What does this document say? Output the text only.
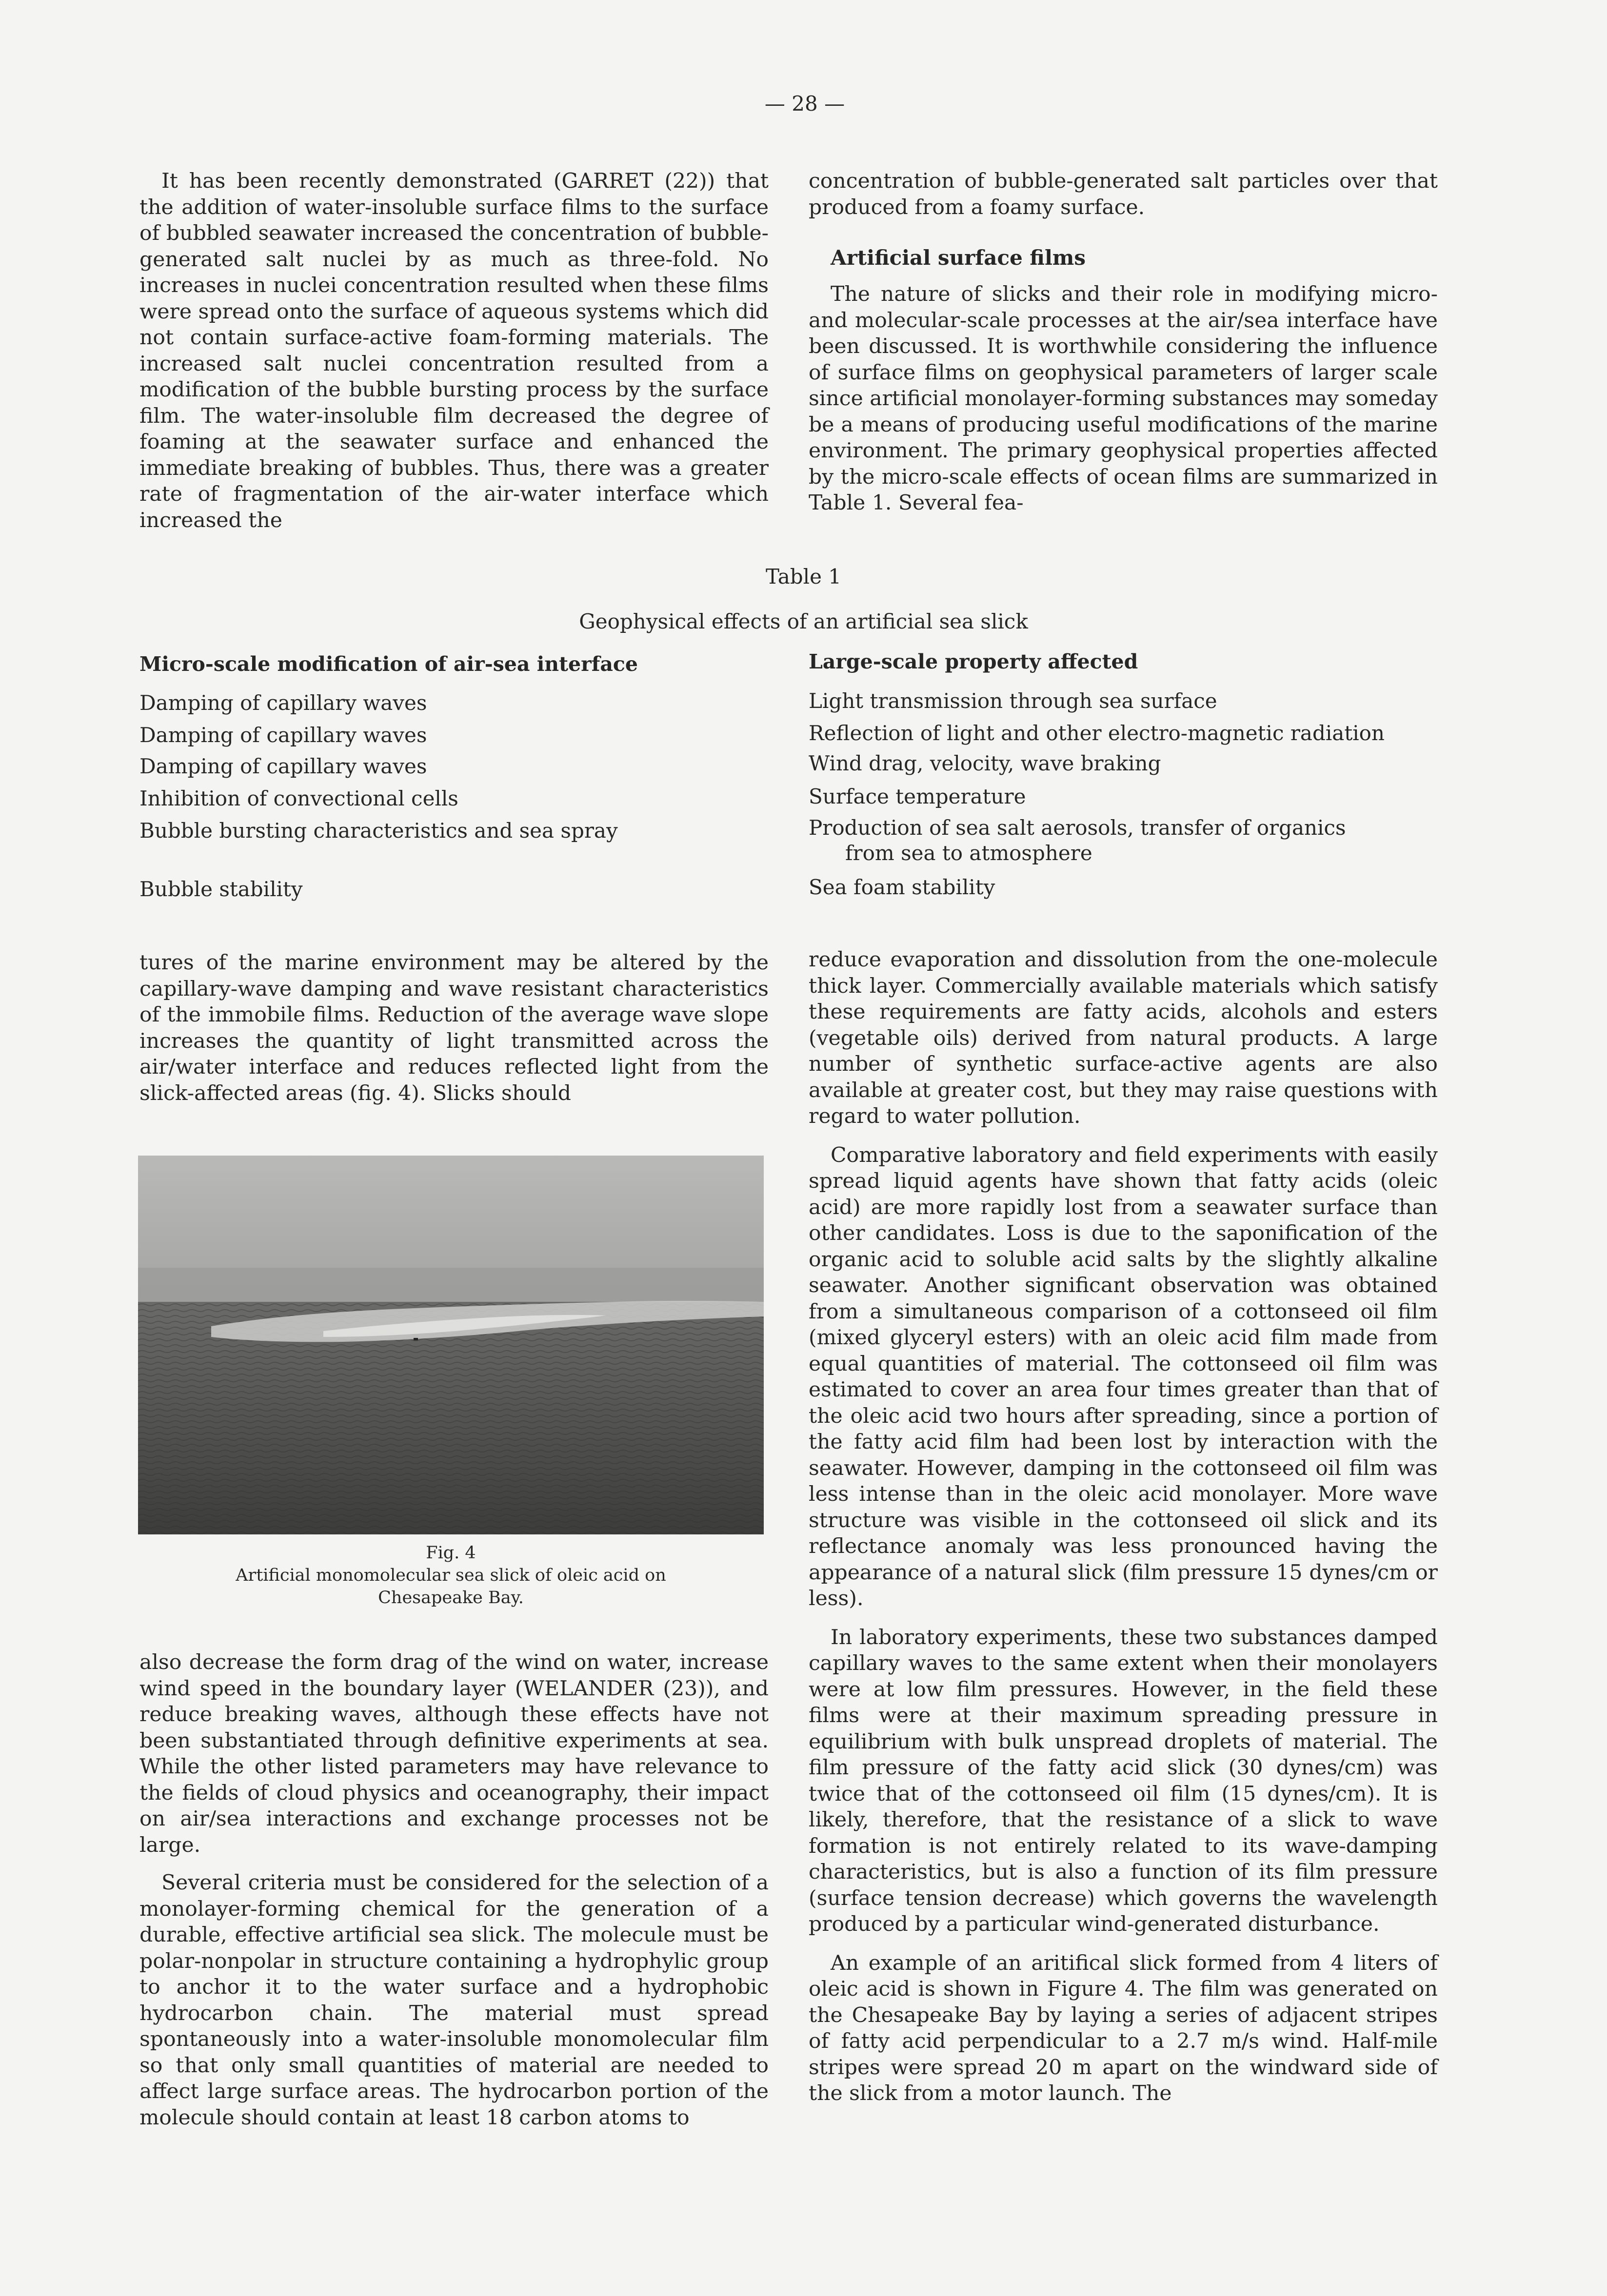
— 28 —

It has been recently demonstrated (GARRET (22)) that the addition of water-insoluble surface films to the surface of bubbled seawater increased the concentration of bubble-generated salt nuclei by as much as three-fold. No increases in nuclei concentration resulted when these films were spread onto the surface of aqueous systems which did not contain surface-active foam-forming materials. The increased salt nuclei concentration resulted from a modification of the bubble bursting process by the surface film. The water-insoluble film decreased the degree of foaming at the seawater surface and enhanced the immediate breaking of bubbles. Thus, there was a greater rate of fragmentation of the air-water interface which increased the

concentration of bubble-generated salt particles over that produced from a foamy surface.

Artificial surface films

The nature of slicks and their role in modifying micro- and molecular-scale processes at the air/sea interface have been discussed. It is worthwhile considering the influence of surface films on geophysical parameters of larger scale since artificial monolayer-forming substances may someday be a means of producing useful modifications of the marine environment. The primary geophysical properties affected by the micro-scale effects of ocean films are summarized in Table 1. Several fea-

Table 1
Geophysical effects of an artificial sea slick
Micro-scale modification of air-sea interface	Large-scale property affected
Damping of capillary waves
Damping of capillary waves
Damping of capillary waves
Inhibition of convectional cells
Bubble bursting characteristics and sea spray
Bubble stability
Light transmission through sea surface
Reflection of light and other electro-magnetic radiation
Wind drag, velocity, wave braking
Surface temperature
Production of sea salt aerosols, transfer of organics
from sea to atmosphere
Sea foam stability

tures of the marine environment may be altered by the capillary-wave damping and wave resistant characteristics of the immobile films. Reduction of the average wave slope increases the quantity of light transmitted across the air/water interface and reduces reflected light from the slick-affected areas (fig. 4). Slicks should

Fig. 4
Artificial monomolecular sea slick of oleic acid on
Chesapeake Bay.

also decrease the form drag of the wind on water, increase wind speed in the boundary layer (WELANDER (23)), and reduce breaking waves, although these effects have not been substantiated through definitive experiments at sea. While the other listed parameters may have relevance to the fields of cloud physics and oceanography, their impact on air/sea interactions and exchange processes not be large.

Several criteria must be considered for the selection of a monolayer-forming chemical for the generation of a durable, effective artificial sea slick. The molecule must be polar-nonpolar in structure containing a hydrophylic group to anchor it to the water surface and a hydrophobic hydrocarbon chain. The material must spread spontaneously into a water-insoluble monomolecular film so that only small quantities of material are needed to affect large surface areas. The hydrocarbon portion of the molecule should contain at least 18 carbon atoms to

reduce evaporation and dissolution from the one-molecule thick layer. Commercially available materials which satisfy these requirements are fatty acids, alcohols and esters (vegetable oils) derived from natural products. A large number of synthetic surface-active agents are also available at greater cost, but they may raise questions with regard to water pollution.

Comparative laboratory and field experiments with easily spread liquid agents have shown that fatty acids (oleic acid) are more rapidly lost from a seawater surface than other candidates. Loss is due to the saponification of the organic acid to soluble acid salts by the slightly alkaline seawater. Another significant observation was obtained from a simultaneous comparison of a cottonseed oil film (mixed glyceryl esters) with an oleic acid film made from equal quantities of material. The cottonseed oil film was estimated to cover an area four times greater than that of the oleic acid two hours after spreading, since a portion of the fatty acid film had been lost by interaction with the seawater. However, damping in the cottonseed oil film was less intense than in the oleic acid monolayer. More wave structure was visible in the cottonseed oil slick and its reflectance anomaly was less pronounced having the appearance of a natural slick (film pressure 15 dynes/cm or less).

In laboratory experiments, these two substances damped capillary waves to the same extent when their monolayers were at low film pressures. However, in the field these films were at their maximum spreading pressure in equilibrium with bulk unspread droplets of material. The film pressure of the fatty acid slick (30 dynes/cm) was twice that of the cottonseed oil film (15 dynes/cm). It is likely, therefore, that the resistance of a slick to wave formation is not entirely related to its wave-damping characteristics, but is also a function of its film pressure (surface tension decrease) which governs the wavelength produced by a particular wind-generated disturbance.

An example of an aritifical slick formed from 4 liters of oleic acid is shown in Figure 4. The film was generated on the Chesapeake Bay by laying a series of adjacent stripes of fatty acid perpendicular to a 2.7 m/s wind. Half-mile stripes were spread 20 m apart on the windward side of the slick from a motor launch. The
